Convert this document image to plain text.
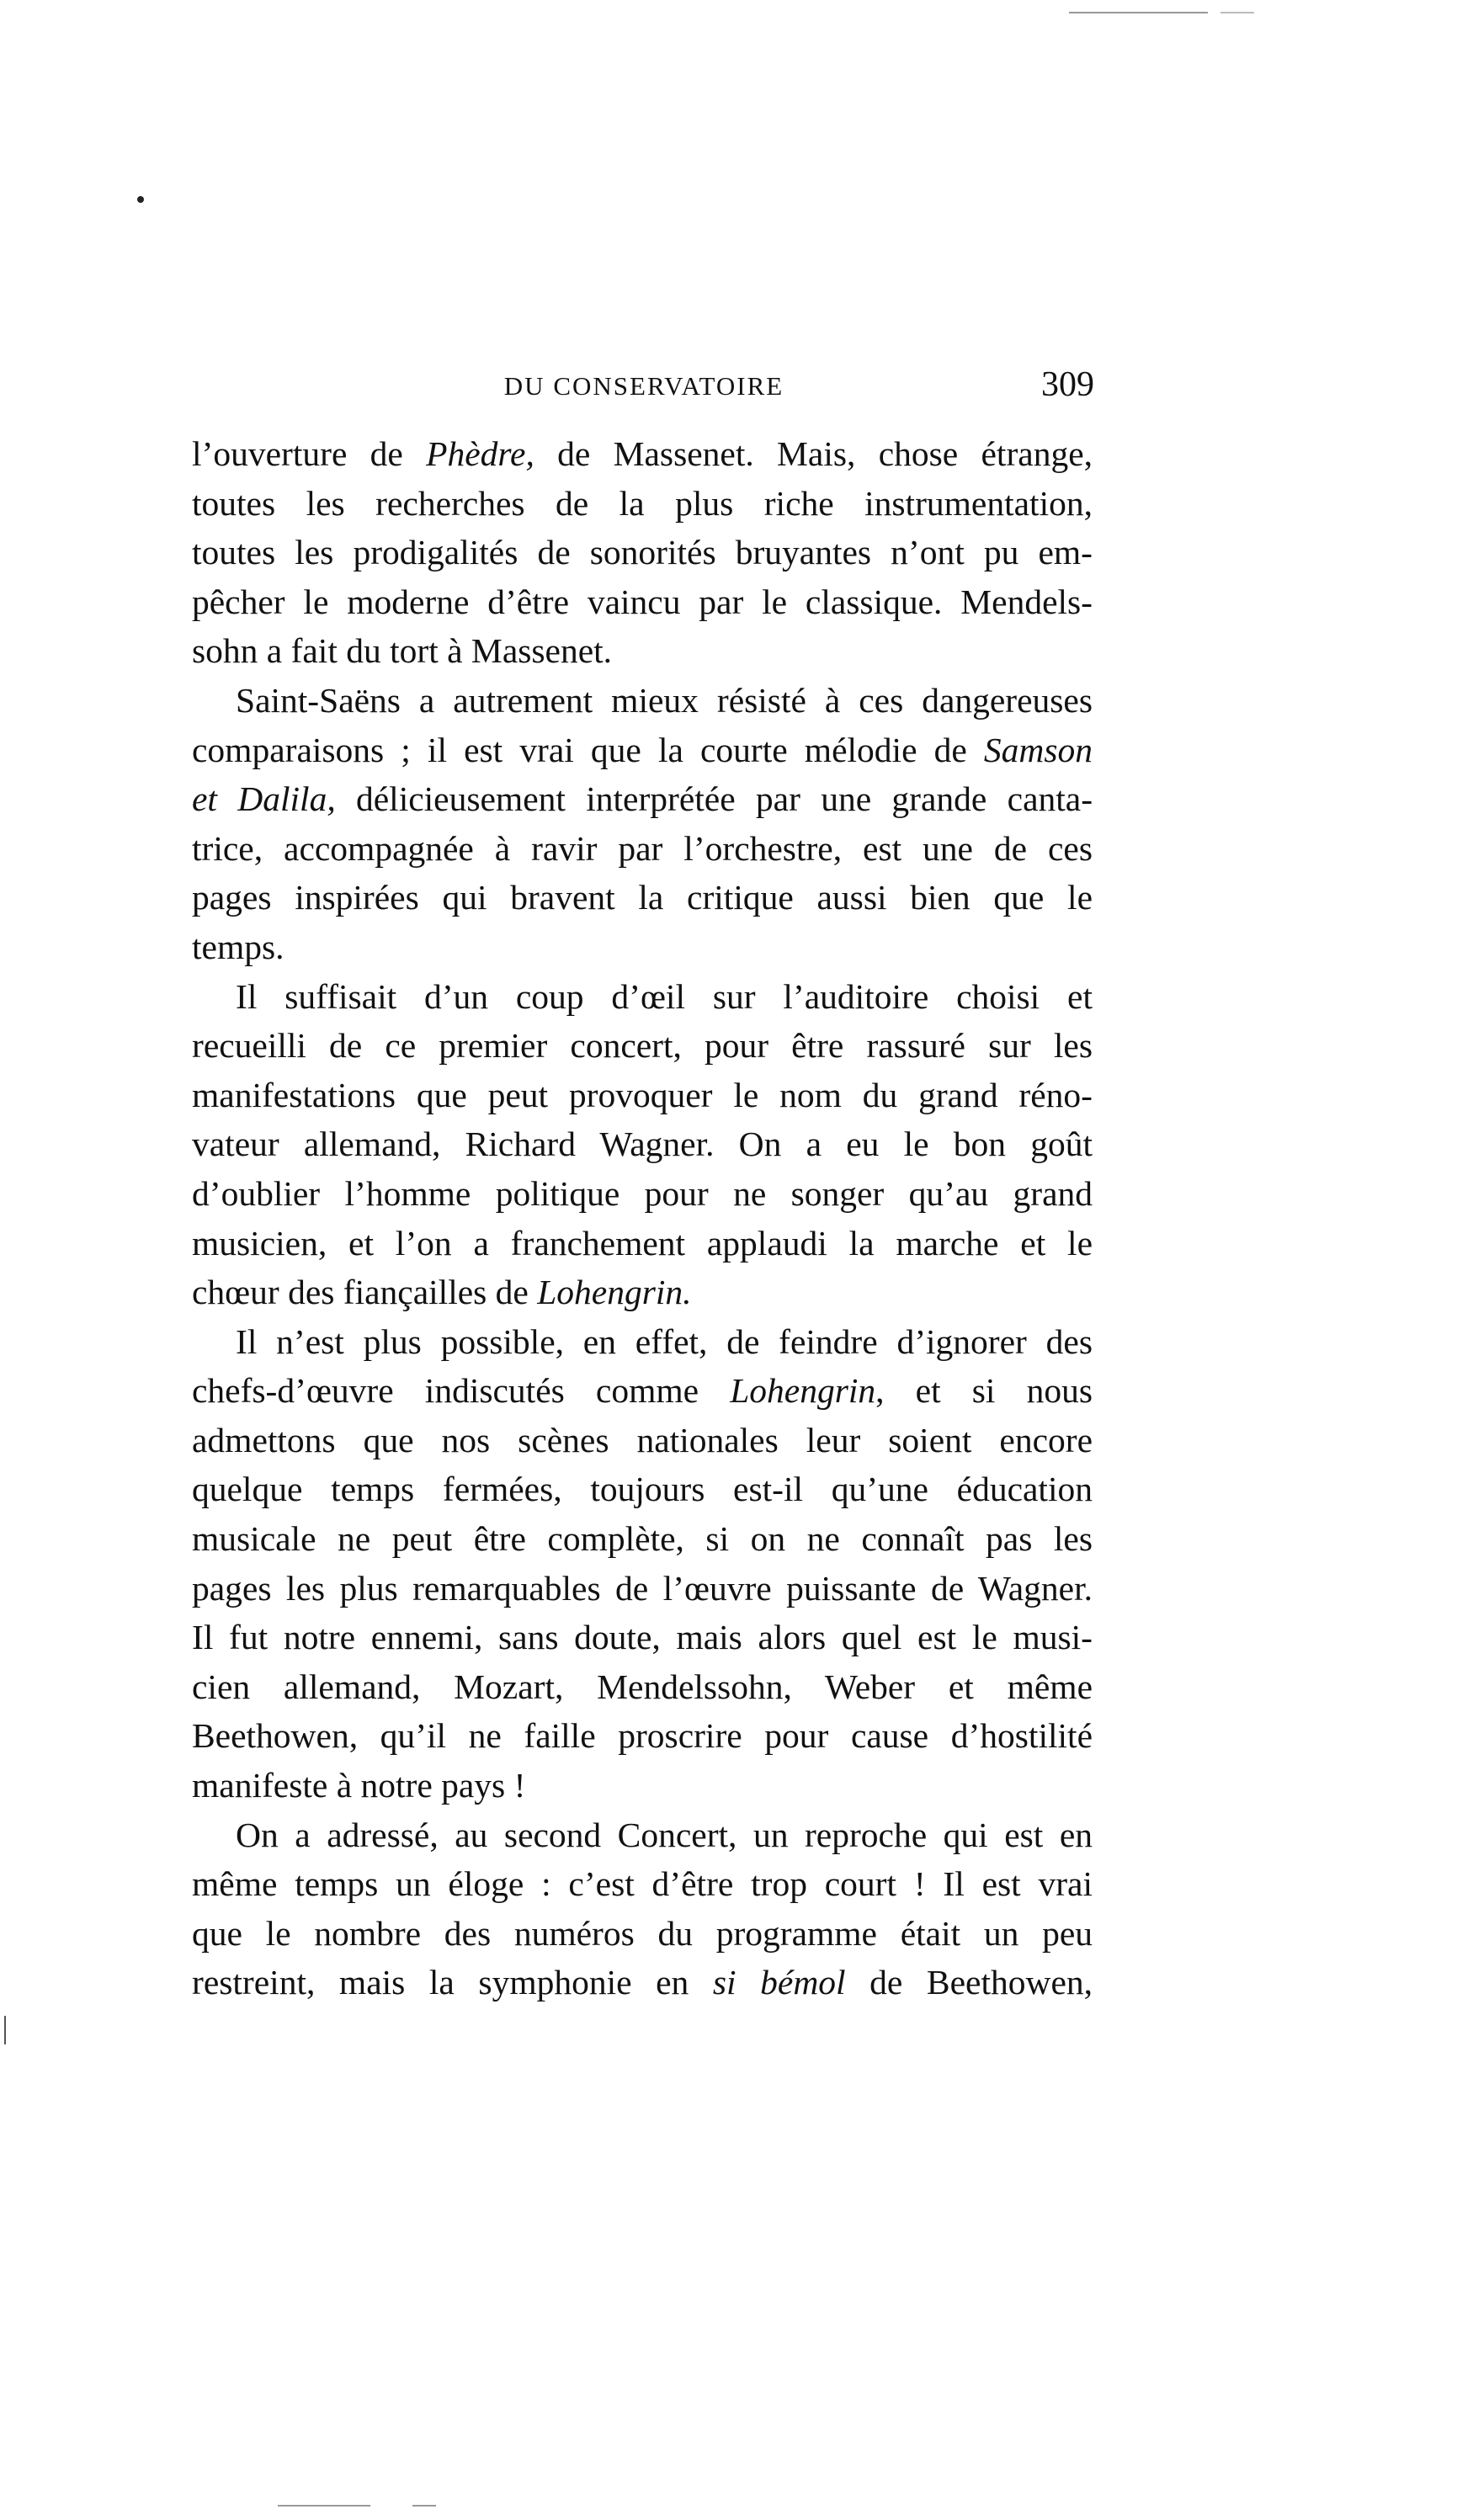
DU CONSERVATOIRE	309
l’ouverture de Phèdre, de Massenet. Mais, chose étrange,
toutes les recherches de la plus riche instrumentation,
toutes les prodigalités de sonorités bruyantes n’ont pu em-
pêcher le moderne d’être vaincu par le classique. Mendels-
sohn a fait du tort à Massenet.
Saint-Saëns a autrement mieux résisté à ces dangereuses
comparaisons ; il est vrai que la courte mélodie de Samson
et Dalila, délicieusement interprétée par une grande canta-
trice, accompagnée à ravir par l’orchestre, est une de ces
pages inspirées qui bravent la critique aussi bien que le
temps.
Il suffisait d’un coup d’œil sur l’auditoire choisi et
recueilli de ce premier concert, pour être rassuré sur les
manifestations que peut provoquer le nom du grand réno-
vateur allemand, Richard Wagner. On a eu le bon goût
d’oublier l’homme politique pour ne songer qu’au grand
musicien, et l’on a franchement applaudi la marche et le
chœur des fiançailles de Lohengrin.
Il n’est plus possible, en effet, de feindre d’ignorer des
chefs-d’œuvre indiscutés comme Lohengrin, et si nous
admettons que nos scènes nationales leur soient encore
quelque temps fermées, toujours est-il qu’une éducation
musicale ne peut être complète, si on ne connaît pas les
pages les plus remarquables de l’œuvre puissante de Wagner.
Il fut notre ennemi, sans doute, mais alors quel est le musi-
cien allemand, Mozart, Mendelssohn, Weber et même
Beethowen, qu’il ne faille proscrire pour cause d’hostilité
manifeste à notre pays !
On a adressé, au second Concert, un reproche qui est en
même temps un éloge : c’est d’être trop court ! Il est vrai
que le nombre des numéros du programme était un peu
restreint, mais la symphonie en si bémol de Beethowen,
